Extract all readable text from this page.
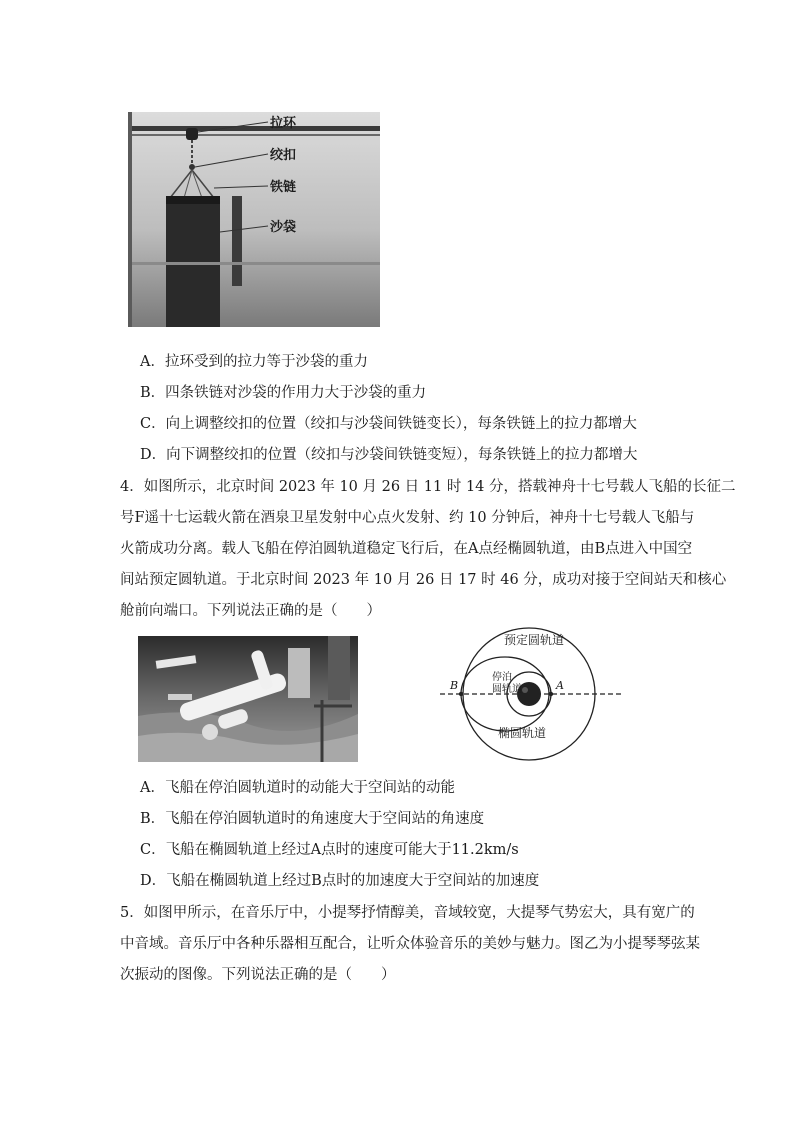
拉环
绞扣
铁链
沙袋
A．拉环受到的拉力等于沙袋的重力
B．四条铁链对沙袋的作用力大于沙袋的重力
C．向上调整绞扣的位置（绞扣与沙袋间铁链变长），每条铁链上的拉力都增大
D．向下调整绞扣的位置（绞扣与沙袋间铁链变短），每条铁链上的拉力都增大
4．如图所示，北京时间 2023 年 10 月 26 日 11 时 14 分，搭载神舟十七号载人飞船的长征二
号F遥十七运载火箭在酒泉卫星发射中心点火发射、约 10 分钟后，神舟十七号载人飞船与
火箭成功分离。载人飞船在停泊圆轨道稳定飞行后，在A点经椭圆轨道，由B点进入中国空
间站预定圆轨道。于北京时间 2023 年 10 月 26 日 17 时 46 分，成功对接于空间站天和核心
舱前向端口。下列说法正确的是（　　）
预定圆轨道
停泊
圆轨道
椭圆轨道
B	A
A．飞船在停泊圆轨道时的动能大于空间站的动能
B．飞船在停泊圆轨道时的角速度大于空间站的角速度
C．飞船在椭圆轨道上经过A点时的速度可能大于11.2km/s
D．飞船在椭圆轨道上经过B点时的加速度大于空间站的加速度
5．如图甲所示，在音乐厅中，小提琴抒情醇美，音域较宽，大提琴气势宏大，具有宽广的
中音域。音乐厅中各种乐器相互配合，让听众体验音乐的美妙与魅力。图乙为小提琴琴弦某
次振动的图像。下列说法正确的是（　　）
